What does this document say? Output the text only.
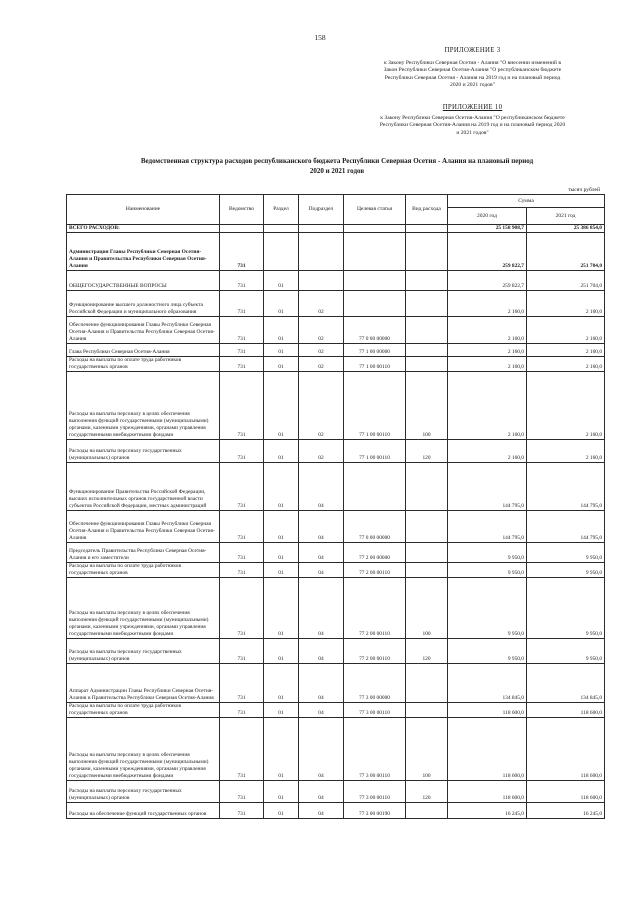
158
ПРИЛОЖЕНИЕ 3
к Закону Республики Северная Осетия - Алания "О внесении изменений в
Закон Республики Северная Осетия-Алания "О республиканском бюджете
Республики Северная Осетия - Алания на 2019 год и на плановый период
2020 и 2021 годов"
ПРИЛОЖЕНИЕ 10
к Закону Республики Северная Осетия-Алания "О республиканском бюджете
Республики Северная Осетия-Алания на 2019 год и на плановый период 2020
и 2021 годов"
Ведомственная структура расходов республиканского бюджета Республики Северная Осетия - Алания на плановый период
2020 и 2021 годов
тысяч рублей
Наименование	Ведомство	Раздел	Подраздел	Целевая статья	Вид расхода	Сумма	
						2020 год	2021 год
ВСЕГО РАСХОДОВ:						25 158 908,7	25 386 854,0
Администрация Главы Республики Северная Осетия-Алания и Правительства Республики Северная Осетия-Алания	731					259 822,7	251 704,0
ОБЩЕГОСУДАРСТВЕННЫЕ ВОПРОСЫ	731	01				259 822,7	251 704,0
Функционирование высшего должностного лица субъекта Российской Федерации и муниципального образования	731	01	02			2 160,0	2 160,0
Обеспечение функционирования Главы Республики Северная Осетия-Алания и Правительства Республики Северная Осетия-Алания	731	01	02	77 0 00 00000		2 160,0	2 160,0
Глава Республики Северная Осетия-Алания	731	01	02	77 1 00 00000		2 160,0	2 160,0
Расходы на выплаты по оплате труда работников государственных органов	731	01	02	77 1 00 00110		2 160,0	2 160,0
Расходы на выплаты персоналу в целях обеспечения выполнения функций государственными (муниципальными) органами, казенными учреждениями, органами управления государственными внебюджетными фондами	731	01	02	77 1 00 00110	100	2 160,0	2 160,0
Расходы на выплаты персоналу государственных (муниципальных) органов	731	01	02	77 1 00 00110	120	2 160,0	2 160,0
Функционирование Правительства Российской Федерации, высших исполнительных органов государственной власти субъектов Российской Федерации, местных администраций	731	01	04			144 795,0	144 795,0
Обеспечение функционирования Главы Республики Северная Осетия-Алания и Правительства Республики Северная Осетия-Алания	731	01	04	77 0 00 00000		144 795,0	144 795,0
Председатель Правительства Республики Северная Осетия-Алания и его заместители	731	01	04	77 2 00 00000		9 950,0	9 950,0
Расходы на выплаты по оплате труда работников государственных органов	731	01	04	77 2 00 00110		9 950,0	9 950,0
Расходы на выплаты персоналу в целях обеспечения выполнения функций государственными (муниципальными) органами, казенными учреждениями, органами управления государственными внебюджетными фондами	731	01	04	77 2 00 00110	100	9 950,0	9 950,0
Расходы на выплаты персоналу государственных (муниципальных) органов	731	01	04	77 2 00 00110	120	9 950,0	9 950,0
Аппарат Администрации Главы Республики Северная Осетия-Алания и Правительства Республики Северная Осетия-Алания	731	01	04	77 3 00 00000		134 845,0	134 845,0
Расходы на выплаты по оплате труда работников государственных органов	731	01	04	77 3 00 00110		118 600,0	118 600,0
Расходы на выплаты персоналу в целях обеспечения выполнения функций государственными (муниципальными) органами, казенными учреждениями, органами управления государственными внебюджетными фондами	731	01	04	77 3 00 00110	100	118 600,0	118 600,0
Расходы на выплаты персоналу государственных (муниципальных) органов	731	01	04	77 3 00 00110	120	118 600,0	118 600,0
Расходы на обеспечение функций государственных органов	731	01	04	77 3 00 00190		16 245,0	16 245,0
